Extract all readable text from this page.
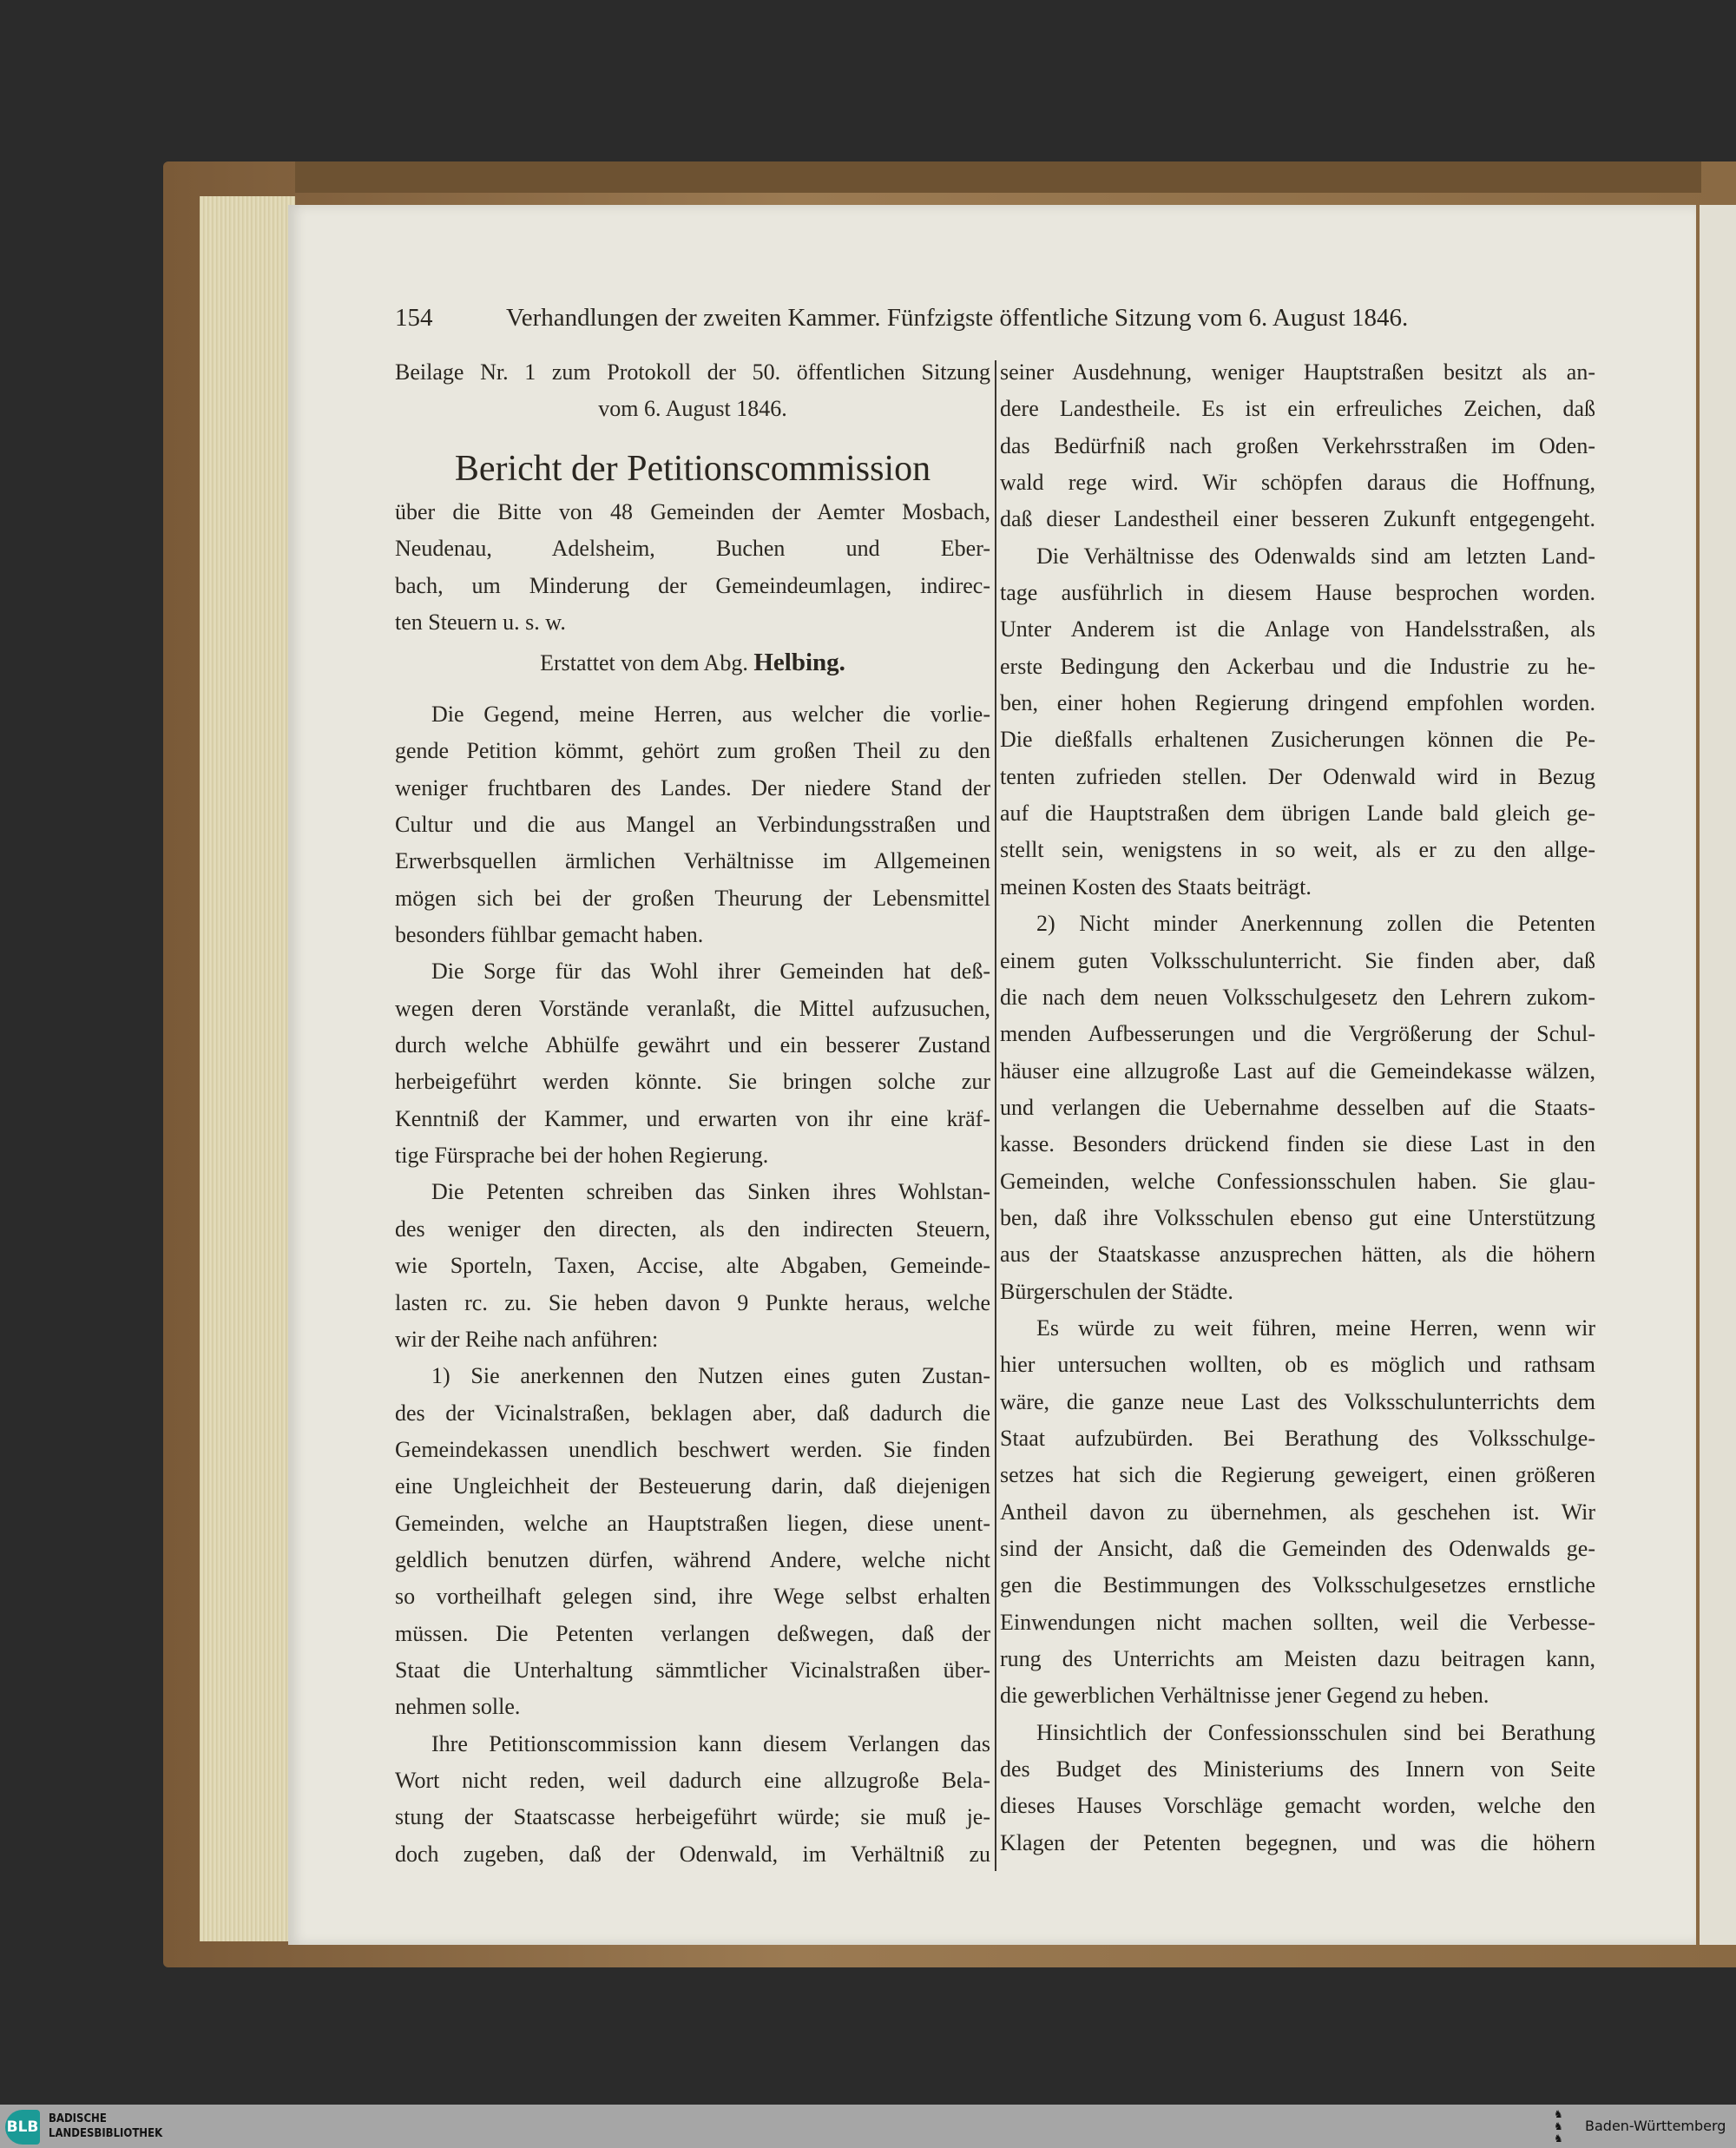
154	Verhandlungen der zweiten Kammer. Fünfzigste öffentliche Sitzung vom 6. August 1846.
Beilage Nr. 1 zum Protokoll der 50. öffentlichen Sitzung
vom 6. August 1846.
Bericht der Petitionscommission
über die Bitte von 48 Gemeinden der Aemter Mosbach,
Neudenau, Adelsheim, Buchen und Eber-
bach, um Minderung der Gemeindeumlagen, indirec-
ten Steuern u. s. w.
Erstattet von dem Abg. Helbing.
Die Gegend, meine Herren, aus welcher die vorlie-
gende Petition kömmt, gehört zum großen Theil zu den
weniger fruchtbaren des Landes. Der niedere Stand der
Cultur und die aus Mangel an Verbindungsstraßen und
Erwerbsquellen ärmlichen Verhältnisse im Allgemeinen
mögen sich bei der großen Theurung der Lebensmittel
besonders fühlbar gemacht haben.
Die Sorge für das Wohl ihrer Gemeinden hat deß-
wegen deren Vorstände veranlaßt, die Mittel aufzusuchen,
durch welche Abhülfe gewährt und ein besserer Zustand
herbeigeführt werden könnte. Sie bringen solche zur
Kenntniß der Kammer, und erwarten von ihr eine kräf-
tige Fürsprache bei der hohen Regierung.
Die Petenten schreiben das Sinken ihres Wohlstan-
des weniger den directen, als den indirecten Steuern,
wie Sporteln, Taxen, Accise, alte Abgaben, Gemeinde-
lasten rc. zu. Sie heben davon 9 Punkte heraus, welche
wir der Reihe nach anführen:
1) Sie anerkennen den Nutzen eines guten Zustan-
des der Vicinalstraßen, beklagen aber, daß dadurch die
Gemeindekassen unendlich beschwert werden. Sie finden
eine Ungleichheit der Besteuerung darin, daß diejenigen
Gemeinden, welche an Hauptstraßen liegen, diese unent-
geldlich benutzen dürfen, während Andere, welche nicht
so vortheilhaft gelegen sind, ihre Wege selbst erhalten
müssen. Die Petenten verlangen deßwegen, daß der
Staat die Unterhaltung sämmtlicher Vicinalstraßen über-
nehmen solle.
Ihre Petitionscommission kann diesem Verlangen das
Wort nicht reden, weil dadurch eine allzugroße Bela-
stung der Staatscasse herbeigeführt würde; sie muß je-
doch zugeben, daß der Odenwald, im Verhältniß zu
seiner Ausdehnung, weniger Hauptstraßen besitzt als an-
dere Landestheile. Es ist ein erfreuliches Zeichen, daß
das Bedürfniß nach großen Verkehrsstraßen im Oden-
wald rege wird. Wir schöpfen daraus die Hoffnung,
daß dieser Landestheil einer besseren Zukunft entgegengeht.
Die Verhältnisse des Odenwalds sind am letzten Land-
tage ausführlich in diesem Hause besprochen worden.
Unter Anderem ist die Anlage von Handelsstraßen, als
erste Bedingung den Ackerbau und die Industrie zu he-
ben, einer hohen Regierung dringend empfohlen worden.
Die dießfalls erhaltenen Zusicherungen können die Pe-
tenten zufrieden stellen. Der Odenwald wird in Bezug
auf die Hauptstraßen dem übrigen Lande bald gleich ge-
stellt sein, wenigstens in so weit, als er zu den allge-
meinen Kosten des Staats beiträgt.
2) Nicht minder Anerkennung zollen die Petenten
einem guten Volksschulunterricht. Sie finden aber, daß
die nach dem neuen Volksschulgesetz den Lehrern zukom-
menden Aufbesserungen und die Vergrößerung der Schul-
häuser eine allzugroße Last auf die Gemeindekasse wälzen,
und verlangen die Uebernahme desselben auf die Staats-
kasse. Besonders drückend finden sie diese Last in den
Gemeinden, welche Confessionsschulen haben. Sie glau-
ben, daß ihre Volksschulen ebenso gut eine Unterstützung
aus der Staatskasse anzusprechen hätten, als die höhern
Bürgerschulen der Städte.
Es würde zu weit führen, meine Herren, wenn wir
hier untersuchen wollten, ob es möglich und rathsam
wäre, die ganze neue Last des Volksschulunterrichts dem
Staat aufzubürden. Bei Berathung des Volksschulge-
setzes hat sich die Regierung geweigert, einen größeren
Antheil davon zu übernehmen, als geschehen ist. Wir
sind der Ansicht, daß die Gemeinden des Odenwalds ge-
gen die Bestimmungen des Volksschulgesetzes ernstliche
Einwendungen nicht machen sollten, weil die Verbesse-
rung des Unterrichts am Meisten dazu beitragen kann,
die gewerblichen Verhältnisse jener Gegend zu heben.
Hinsichtlich der Confessionsschulen sind bei Berathung
des Budget des Ministeriums des Innern von Seite
dieses Hauses Vorschläge gemacht worden, welche den
Klagen der Petenten begegnen, und was die höhern
BLB BADISCHE
LANDESBIBLIOTHEK
♞
♞
♞
Baden-Württemberg
